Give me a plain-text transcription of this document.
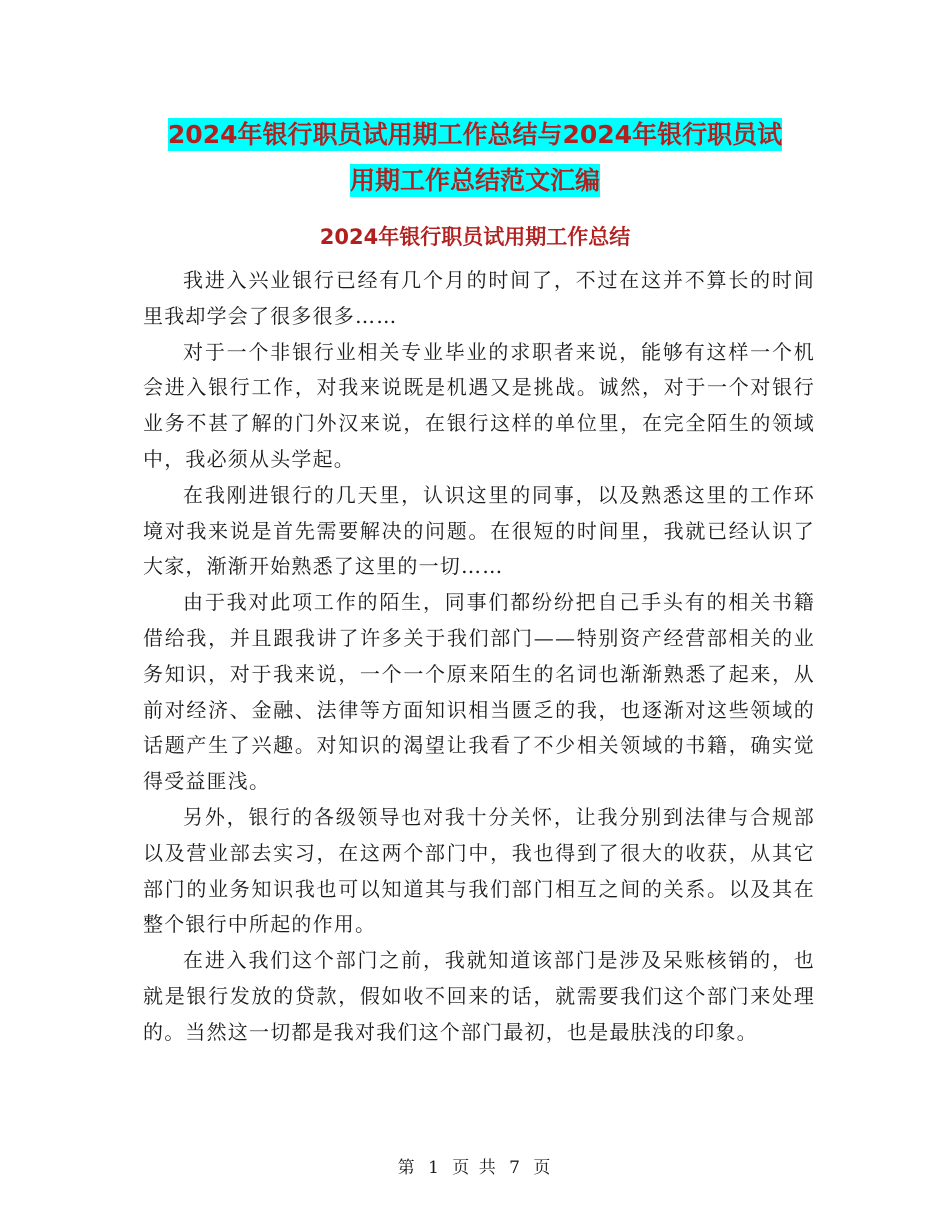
2024年银行职员试用期工作总结与2024年银行职员试
用期工作总结范文汇编
2024年银行职员试用期工作总结

我进入兴业银行已经有几个月的时间了，不过在这并不算长的时间里我却学会了很多很多……

对于一个非银行业相关专业毕业的求职者来说，能够有这样一个机会进入银行工作，对我来说既是机遇又是挑战。诚然，对于一个对银行业务不甚了解的门外汉来说，在银行这样的单位里，在完全陌生的领域中，我必须从头学起。

在我刚进银行的几天里，认识这里的同事，以及熟悉这里的工作环境对我来说是首先需要解决的问题。在很短的时间里，我就已经认识了大家，渐渐开始熟悉了这里的一切……

由于我对此项工作的陌生，同事们都纷纷把自己手头有的相关书籍借给我，并且跟我讲了许多关于我们部门——特别资产经营部相关的业务知识，对于我来说，一个一个原来陌生的名词也渐渐熟悉了起来，从前对经济、金融、法律等方面知识相当匮乏的我，也逐渐对这些领域的话题产生了兴趣。对知识的渴望让我看了不少相关领域的书籍，确实觉得受益匪浅。

另外，银行的各级领导也对我十分关怀，让我分别到法律与合规部以及营业部去实习，在这两个部门中，我也得到了很大的收获，从其它部门的业务知识我也可以知道其与我们部门相互之间的关系。以及其在整个银行中所起的作用。

在进入我们这个部门之前，我就知道该部门是涉及呆账核销的，也就是银行发放的贷款，假如收不回来的话，就需要我们这个部门来处理的。当然这一切都是我对我们这个部门最初，也是最肤浅的印象。

第 1 页 共 7 页
